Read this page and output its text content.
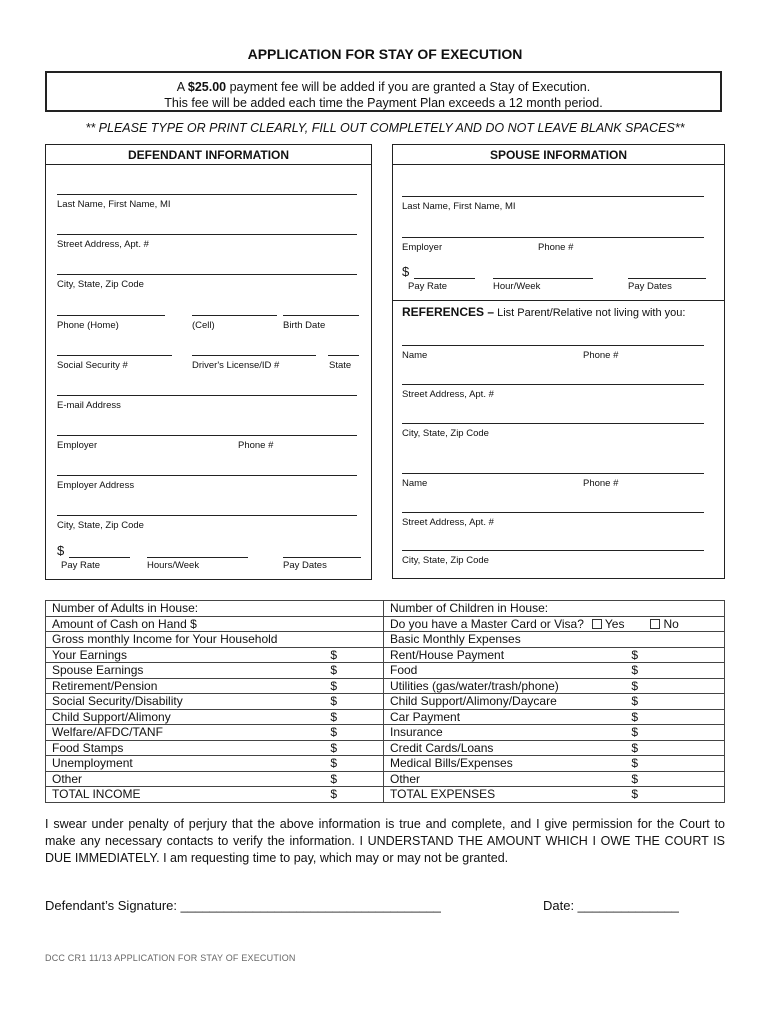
APPLICATION FOR STAY OF EXECUTION
A $25.00 payment fee will be added if you are granted a Stay of Execution.
This fee will be added each time the Payment Plan exceeds a 12 month period.
** PLEASE TYPE OR PRINT CLEARLY, FILL OUT COMPLETELY AND DO NOT LEAVE BLANK SPACES**
DEFENDANT INFORMATION
Last Name, First Name, MI
Street Address, Apt. #
City, State, Zip Code
Phone (Home)	(Cell)	Birth Date
Social Security #	Driver's License/ID #	State
E-mail Address
Employer	Phone #
Employer Address
City, State, Zip Code
$
Pay Rate	Hours/Week	Pay Dates
SPOUSE INFORMATION
Last Name, First Name, MI
Employer	Phone #
$
Pay Rate	Hour/Week	Pay Dates
REFERENCES – List Parent/Relative not living with you:
Name	Phone #
Street Address, Apt. #
City, State, Zip Code
Name	Phone #
Street Address, Apt. #
City, State, Zip Code
Number of Adults in House:	Number of Children in House:
Amount of Cash on Hand $	Do you have a Master Card or Visa? Yes No
Gross monthly Income for Your Household	Basic Monthly Expenses
Your Earnings $	Rent/House Payment $

Spouse Earnings $	Food $

Retirement/Pension $	Utilities (gas/water/trash/phone) $

Social Security/Disability $	Child Support/Alimony/Daycare $

Child Support/Alimony $	Car Payment $

Welfare/AFDC/TANF $	Insurance $

Food Stamps $	Credit Cards/Loans $

Unemployment $	Medical Bills/Expenses $

Other $	Other $

TOTAL INCOME $	TOTAL EXPENSES $
I swear under penalty of perjury that the above information is true and complete, and I give permission for the Court to make any necessary contacts to verify the information. I UNDERSTAND THE AMOUNT WHICH I OWE THE COURT IS DUE IMMEDIATELY. I am requesting time to pay, which may or may not be granted.
Defendant’s Signature: ____________________________________	Date: ______________
DCC CR1 11/13 APPLICATION FOR STAY OF EXECUTION
